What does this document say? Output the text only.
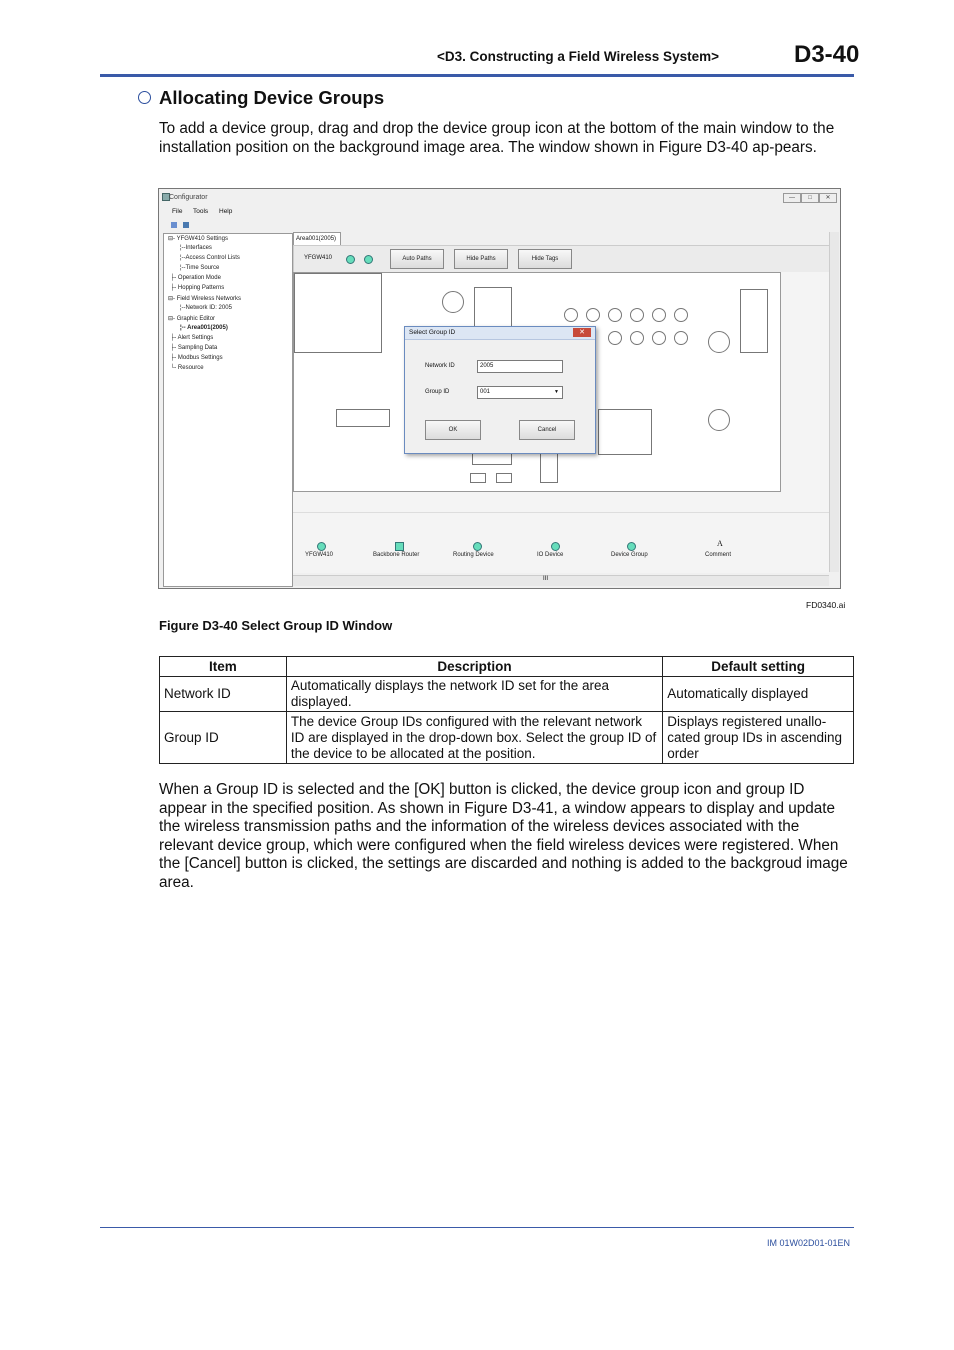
<D3. Constructing a Field Wireless System>	D3-40
Allocating Device Groups
To add a device group, drag and drop the device group icon at the bottom of the main window to the installation position on the background image area. The window shown in Figure D3-40 ap-pears.
Configurator	—	□	✕
File Tools Help
⊟- YFGW410 Settings
¦--Interfaces
¦--Access Control Lists
¦--Time Source
├- Operation Mode
├- Hopping Patterns
⊟- Field Wireless Networks
¦--Network ID: 2005
⊟- Graphic Editor
¦-- Area001(2005)
├- Alert Settings
├- Sampling Data
├- Modbus Settings
└- Resource
Area001(2005)
YFGW410	Auto Paths	Hide Paths	Hide Tags
YFGW410	Backbone Router	Routing Device	IO Device	Device Group
A
Comment
III
Select Group ID	✕
Network ID	2005
Group ID	001	▼
OK	Cancel
FD0340.ai
Figure D3-40 Select Group ID Window
Item	Description	Default setting
Network ID	Automatically displays the network ID set for the area displayed.	Automatically displayed
Group ID	The device Group IDs configured with the relevant network ID are displayed in the drop-down box. Select the group ID of the device to be allocated at the position.	Displays registered unallo-cated group IDs in ascending order
When a Group ID is selected and the [OK] button is clicked, the device group icon and group ID appear in the specified position. As shown in Figure D3-41, a window appears to display and update the wireless transmission paths and the information of the wireless devices associated with the relevant device group, which were configured when the field wireless devices were registered. When the [Cancel] button is clicked, the settings are discarded and nothing is added to the backgroud image area.
IM 01W02D01-01EN
